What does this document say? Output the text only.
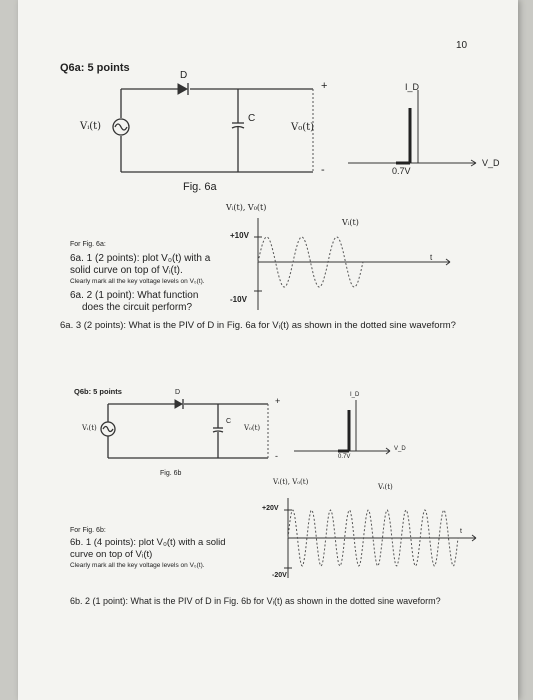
10
Q6a: 5 points
D
Vᵢ(t)
C
V₀(t)
+
-
Fig. 6a
I_D
V_D
0.7V
Vᵢ(t), V₀(t)
+10V
-10V
Vᵢ(t)
t
For Fig. 6a:
6a. 1 (2 points): plot V₀(t) with a
solid curve on top of Vᵢ(t).
Clearly mark all the key voltage levels on V₀(t).
6a. 2 (1 point): What function
does the circuit perform?
6a. 3 (2 points): What is the PIV of D in Fig. 6a for Vᵢ(t) as shown in the dotted sine waveform?
Q6b: 5 points	D
Vᵢ(t)
C
V₀(t)
+
-
Fig. 6b
I_D
V_D
0.7V
Vᵢ(t), V₀(t)
+20V
-20V
Vᵢ(t)
t
For Fig. 6b:
6b. 1 (4 points): plot V₀(t) with a solid
curve on top of Vᵢ(t)
Clearly mark all the key voltage levels on V₀(t).
6b. 2 (1 point): What is the PIV of D in Fig. 6b for Vᵢ(t) as shown in the dotted sine waveform?
